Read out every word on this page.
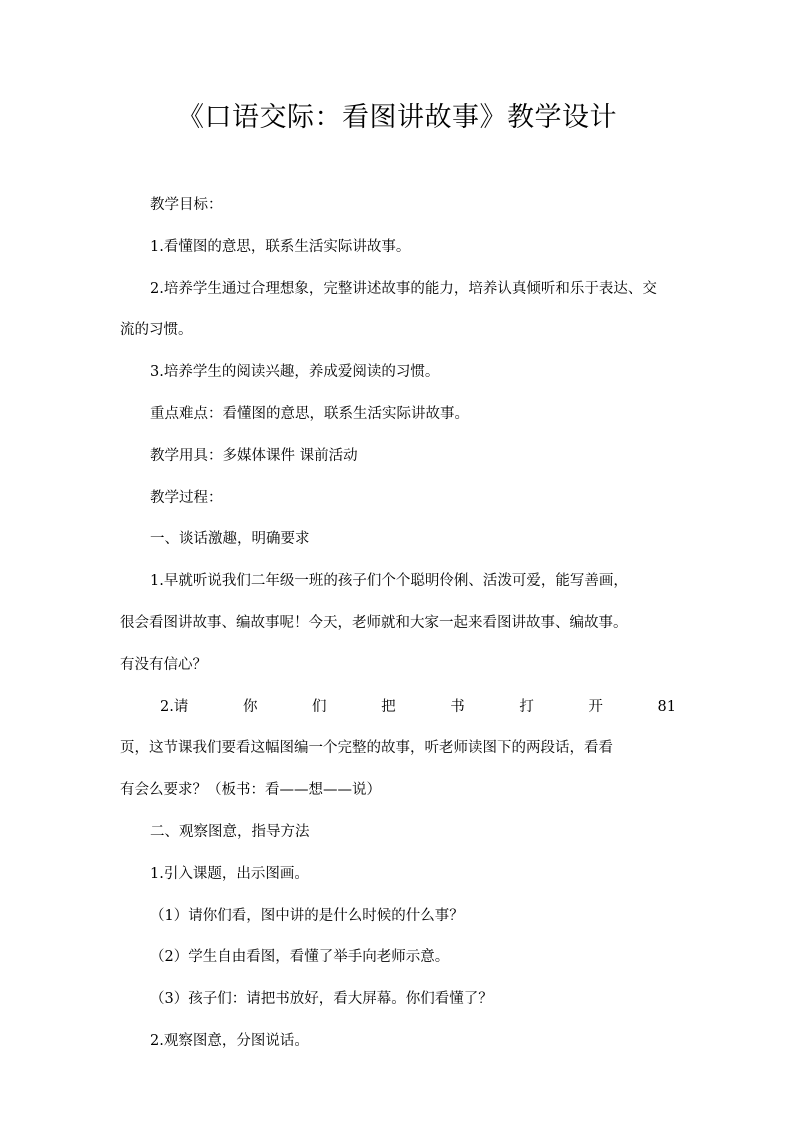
《口语交际：看图讲故事》教学设计

教学目标：

1.看懂图的意思，联系生活实际讲故事。

2.培养学生通过合理想象，完整讲述故事的能力，培养认真倾听和乐于表达、交

流的习惯。

3.培养学生的阅读兴趣，养成爱阅读的习惯。

重点难点：看懂图的意思，联系生活实际讲故事。

教学用具：多媒体课件 课前活动

教学过程：

一、谈话激趣，明确要求

1.早就听说我们二年级一班的孩子们个个聪明伶俐、活泼可爱，能写善画，

很会看图讲故事、编故事呢！今天，老师就和大家一起来看图讲故事、编故事。

有没有信心？

2.请	你	们	把	书	打	开	81

页，这节课我们要看这幅图编一个完整的故事，听老师读图下的两段话，看看

有会么要求？（板书：看——想——说）

二、观察图意，指导方法

1.引入课题，出示图画。

（1）请你们看，图中讲的是什么时候的什么事？

（2）学生自由看图，看懂了举手向老师示意。

（3）孩子们：请把书放好，看大屏幕。你们看懂了？

2.观察图意，分图说话。
